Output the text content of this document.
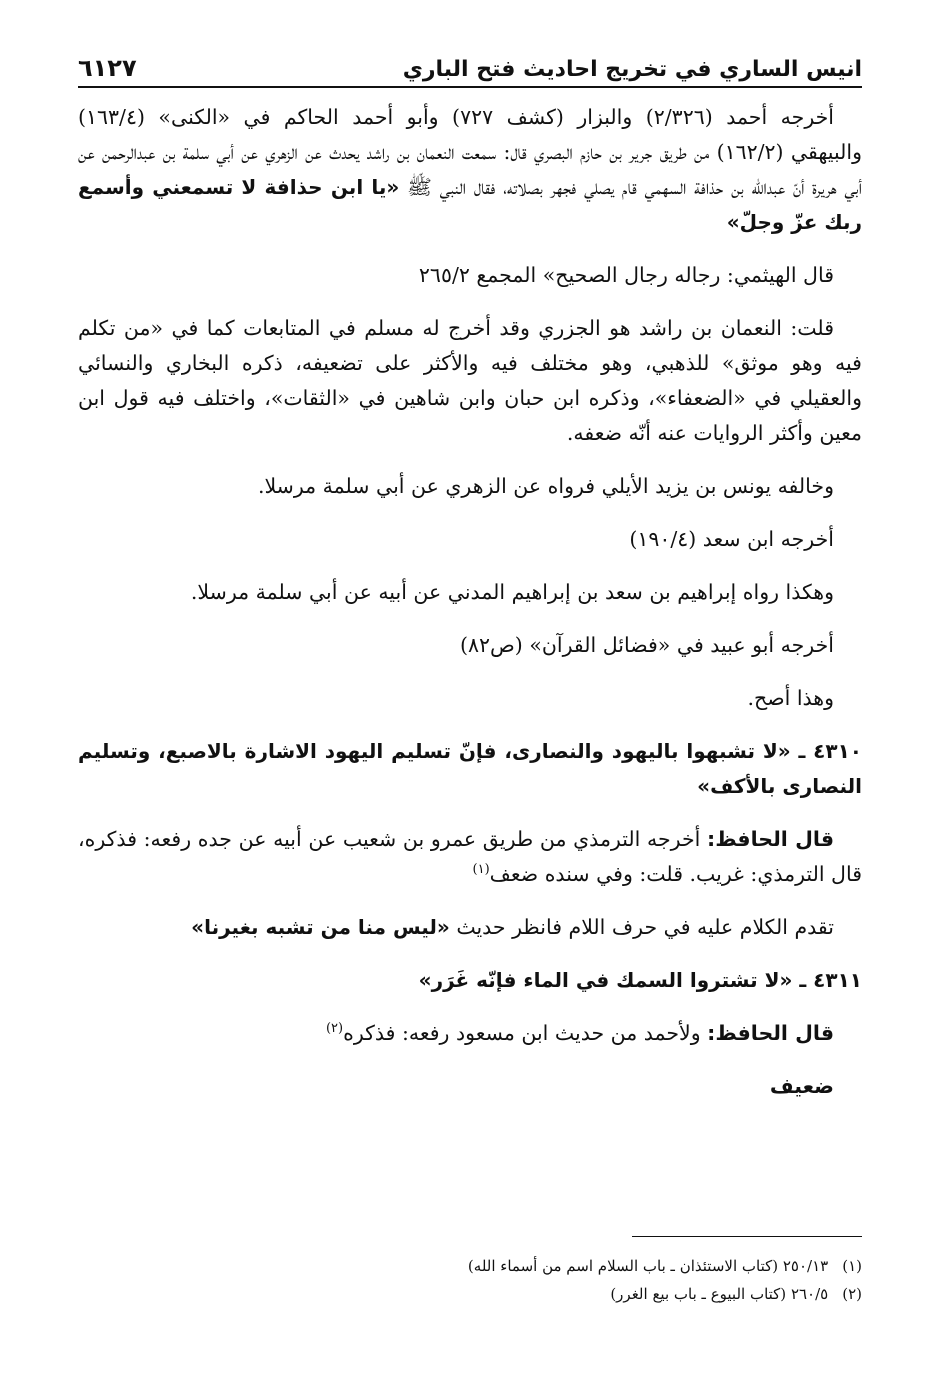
انيس الساري في تخريج احاديث فتح الباري
٦١٢٧

أخرجه أحمد (٢/٣٢٦) والبزار (كشف ٧٢٧) وأبو أحمد الحاكم في «الكنى» (١٦٣/٤) والبيهقي (١٦٢/٢) من طريق جرير بن حازم البصري قال: سمعت النعمان بن راشد يحدث عن الزهري عن أبي سلمة بن عبدالرحمن عن أبي هريرة أنّ عبدالله بن حذافة السهمي قام يصلي فجهر بصلاته، فقال النبي ﷺ «يا ابن حذافة لا تسمعني وأسمع ربك عزّ وجلّ»

قال الهيثمي: رجاله رجال الصحيح» المجمع ٢٦٥/٢

قلت: النعمان بن راشد هو الجزري وقد أخرج له مسلم في المتابعات كما في «من تكلم فيه وهو موثق» للذهبي، وهو مختلف فيه والأكثر على تضعيفه، ذكره البخاري والنسائي والعقيلي في «الضعفاء»، وذكره ابن حبان وابن شاهين في «الثقات»، واختلف فيه قول ابن معين وأكثر الروايات عنه أنّه ضعفه.

وخالفه يونس بن يزيد الأيلي فرواه عن الزهري عن أبي سلمة مرسلا.

أخرجه ابن سعد (١٩٠/٤)

وهكذا رواه إبراهيم بن سعد بن إبراهيم المدني عن أبيه عن أبي سلمة مرسلا.

أخرجه أبو عبيد في «فضائل القرآن» (ص٨٢)

وهذا أصح.

٤٣١٠ ـ «لا تشبهوا باليهود والنصارى، فإنّ تسليم اليهود الاشارة بالاصبع، وتسليم النصارى بالأكف»

قال الحافظ: أخرجه الترمذي من طريق عمرو بن شعيب عن أبيه عن جده رفعه: فذكره، قال الترمذي: غريب. قلت: وفي سنده ضعف$^{(١)}$

تقدم الكلام عليه في حرف اللام فانظر حديث «ليس منا من تشبه بغيرنا»

٤٣١١ ـ «لا تشتروا السمك في الماء فإنّه غَرَر»

قال الحافظ: ولأحمد من حديث ابن مسعود رفعه: فذكره$^{(٢)}$

ضعيف

(١)
٢٥٠/١٣ (كتاب الاستئذان ـ باب السلام اسم من أسماء الله)
(٢)
٢٦٠/٥ (كتاب البيوع ـ باب بيع الغرر)
